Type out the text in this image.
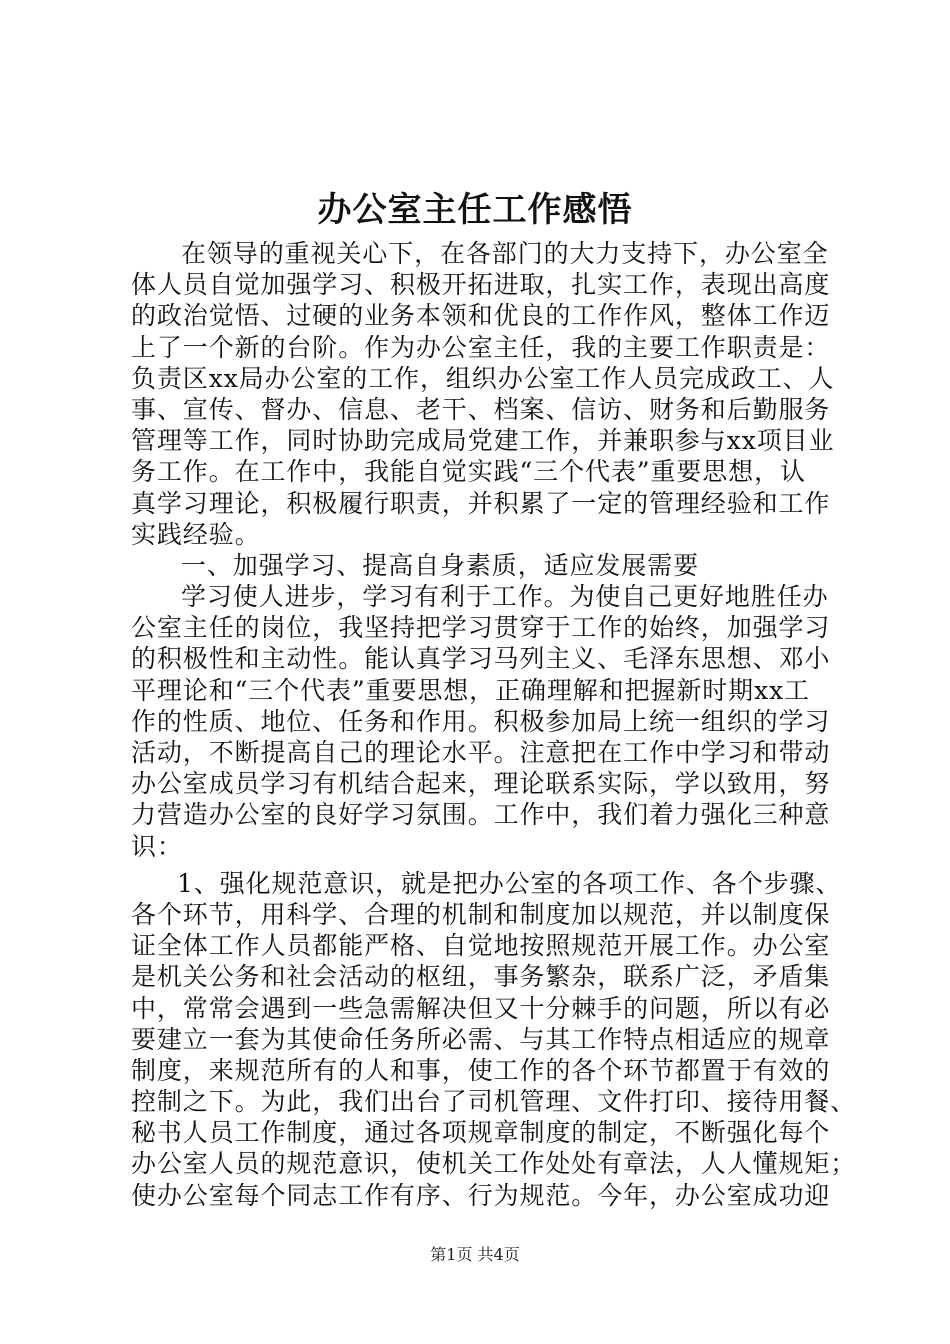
办公室主任工作感悟
在领导的重视关心下，在各部门的大力支持下，办公室全
体人员自觉加强学习、积极开拓进取，扎实工作，表现出高度
的政治觉悟、过硬的业务本领和优良的工作作风，整体工作迈
上了一个新的台阶。作为办公室主任，我的主要工作职责是：
负责区xx局办公室的工作，组织办公室工作人员完成政工、人
事、宣传、督办、信息、老干、档案、信访、财务和后勤服务
管理等工作，同时协助完成局党建工作，并兼职参与xx项目业
务工作。在工作中，我能自觉实践“三个代表”重要思想，认
真学习理论，积极履行职责，并积累了一定的管理经验和工作
实践经验。
一、加强学习、提高自身素质，适应发展需要
学习使人进步，学习有利于工作。为使自己更好地胜任办
公室主任的岗位，我坚持把学习贯穿于工作的始终，加强学习
的积极性和主动性。能认真学习马列主义、毛泽东思想、邓小
平理论和“三个代表”重要思想，正确理解和把握新时期xx工
作的性质、地位、任务和作用。积极参加局上统一组织的学习
活动，不断提高自己的理论水平。注意把在工作中学习和带动
办公室成员学习有机结合起来，理论联系实际，学以致用，努
力营造办公室的良好学习氛围。工作中，我们着力强化三种意
识：
1、强化规范意识，就是把办公室的各项工作、各个步骤、
各个环节，用科学、合理的机制和制度加以规范，并以制度保
证全体工作人员都能严格、自觉地按照规范开展工作。办公室
是机关公务和社会活动的枢纽，事务繁杂，联系广泛，矛盾集
中，常常会遇到一些急需解决但又十分棘手的问题，所以有必
要建立一套为其使命任务所必需、与其工作特点相适应的规章
制度，来规范所有的人和事，使工作的各个环节都置于有效的
控制之下。为此，我们出台了司机管理、文件打印、接待用餐、
秘书人员工作制度，通过各项规章制度的制定，不断强化每个
办公室人员的规范意识，使机关工作处处有章法，人人懂规矩；
使办公室每个同志工作有序、行为规范。今年，办公室成功迎
第1页 共4页
